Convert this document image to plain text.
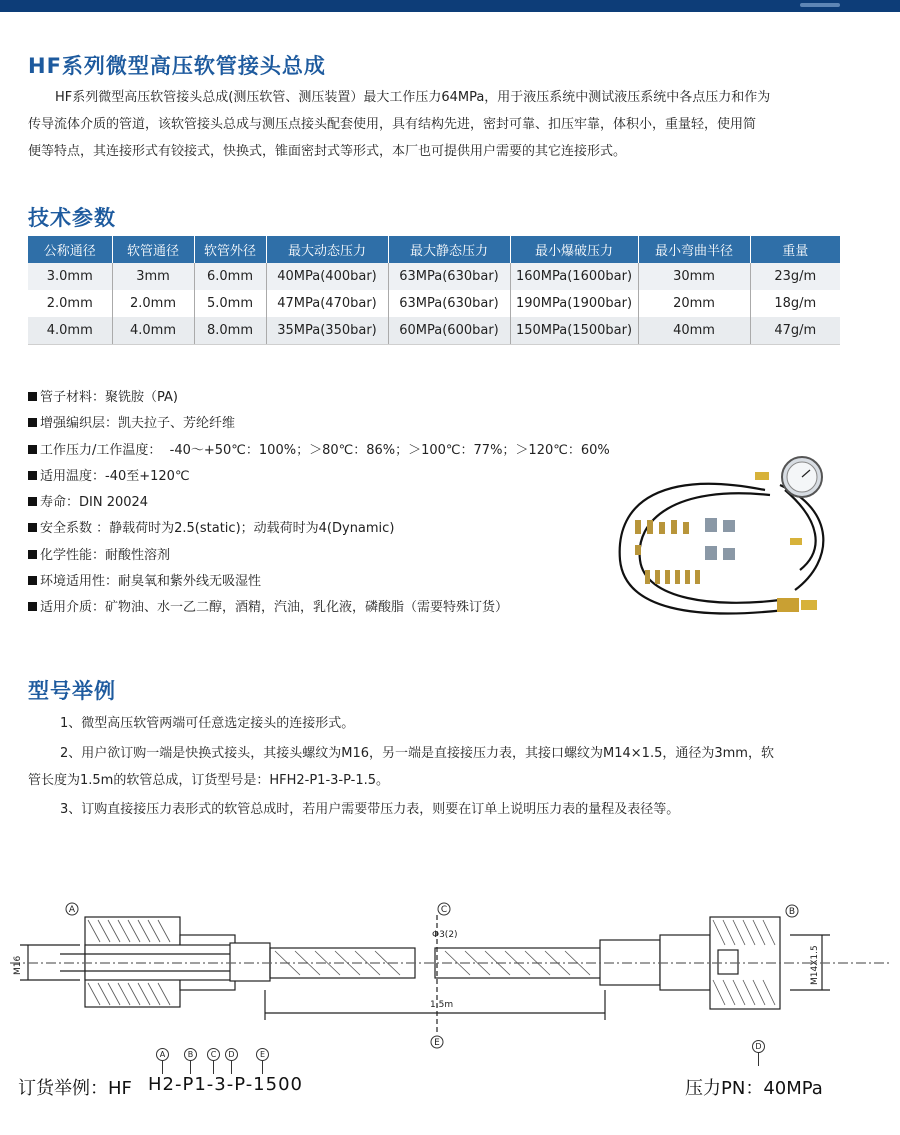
HF系列微型高压软管接头总成
HF系列微型高压软管接头总成(测压软管、测压装置）最大工作压力64MPa，用于液压系统中测试液压系统中各点压力和作为
传导流体介质的管道，该软管接头总成与测压点接头配套使用，具有结构先进，密封可靠、扣压牢靠，体积小，重量轻，使用简
便等特点，其连接形式有铰接式，快换式，锥面密封式等形式，本厂也可提供用户需要的其它连接形式。
技术参数
公称通径	软管通径	软管外径	最大动态压力	最大静态压力	最小爆破压力	最小弯曲半径	重量
3.0mm	3mm	6.0mm	40MPa(400bar)	63MPa(630bar)	160MPa(1600bar)	30mm	23g/m
2.0mm	2.0mm	5.0mm	47MPa(470bar)	63MPa(630bar)	190MPa(1900bar)	20mm	18g/m
4.0mm	4.0mm	8.0mm	35MPa(350bar)	60MPa(600bar)	150MPa(1500bar)	40mm	47g/m
管子材料：聚铣胺（PA)
增强编织层：凯夫拉子、芳纶纤维
工作压力/工作温度：  -40～+50℃：100%；＞80℃：86%；＞100℃：77%；＞120℃：60%
适用温度：-40至+120℃
寿命：DIN 20024
安全系数 ：静载荷时为2.5(static)；动载荷时为4(Dynamic)
化学性能：耐酸性溶剂
环境适用性：耐臭氧和紫外线无吸湿性
适用介质：矿物油、水一乙二醇，酒精，汽油，乳化液，磷酸脂（需要特殊订货）
型号举例
1、微型高压软管两端可任意选定接头的连接形式。
2、用户欲订购一端是快换式接头，其接头螺纹为M16，另一端是直接接压力表，其接口螺纹为M14×1.5，通径为3mm，软
管长度为1.5m的软管总成，订货型号是：HFH2-P1-3-P-1.5。
3、订购直接接压力表形式的软管总成时，若用户需要带压力表，则要在订单上说明压力表的量程及表径等。
A	B
C
Φ3(2)
E
1.5m
M16	M14X1.5
A	B	C	D	E
D
订货举例：HF H2-P1-3-P-1500	压力PN：40MPa
